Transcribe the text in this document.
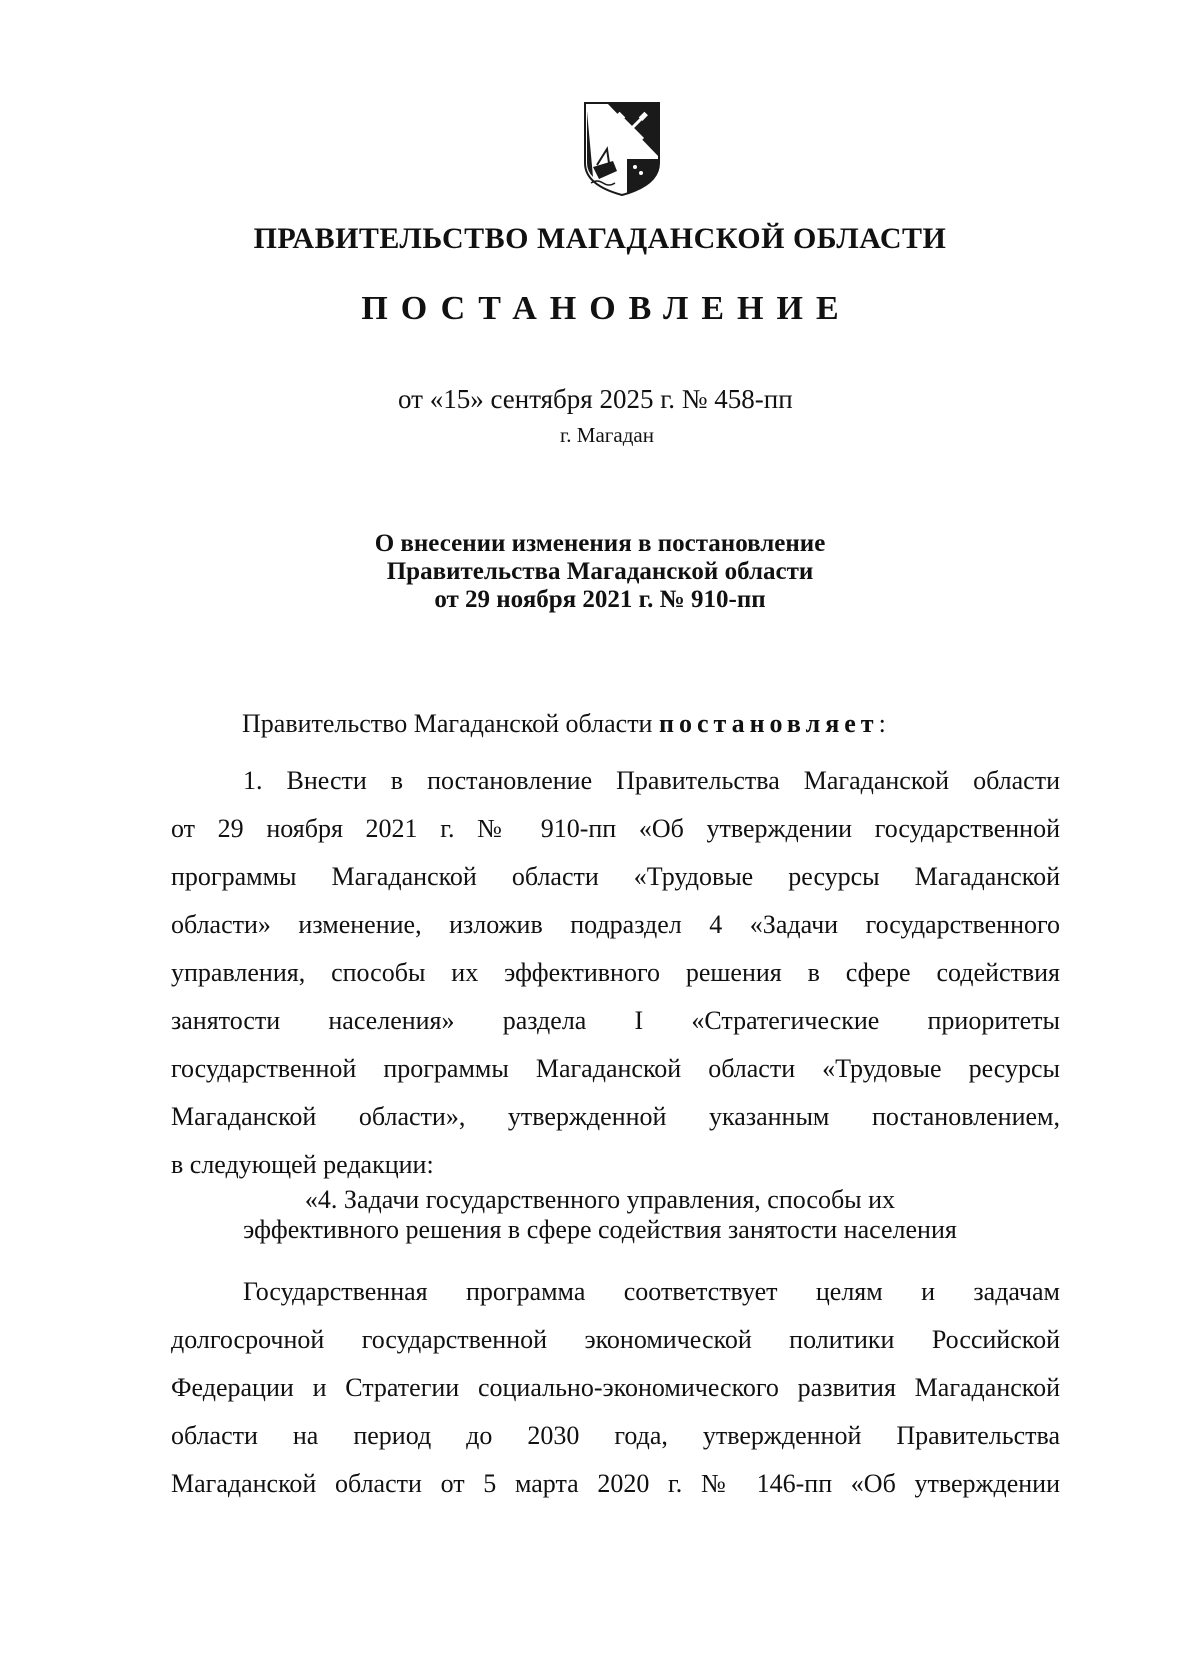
ПРАВИТЕЛЬСТВО МАГАДАНСКОЙ ОБЛАСТИ
ПОСТАНОВЛЕНИЕ
от «15» сентября 2025 г. № 458-пп
г. Магадан
О внесении изменения в постановление
Правительства Магаданской области
от 29 ноября 2021 г. № 910-пп
Правительство Магаданской области постановляет:
1. Внести в постановление Правительства Магаданской области
от 29 ноября 2021 г. № 910-пп «Об утверждении государственной
программы Магаданской области «Трудовые ресурсы Магаданской
области» изменение, изложив подраздел 4 «Задачи государственного
управления, способы их эффективного решения в сфере содействия
занятости населения» раздела I «Стратегические приоритеты
государственной программы Магаданской области «Трудовые ресурсы
Магаданской области», утвержденной указанным постановлением,
в следующей редакции:
«4. Задачи государственного управления, способы их
эффективного решения в сфере содействия занятости населения
Государственная программа соответствует целям и задачам
долгосрочной государственной экономической политики Российской
Федерации и Стратегии социально-экономического развития Магаданской
области на период до 2030 года, утвержденной Правительства
Магаданской области от 5 марта 2020 г. № 146-пп «Об утверждении
